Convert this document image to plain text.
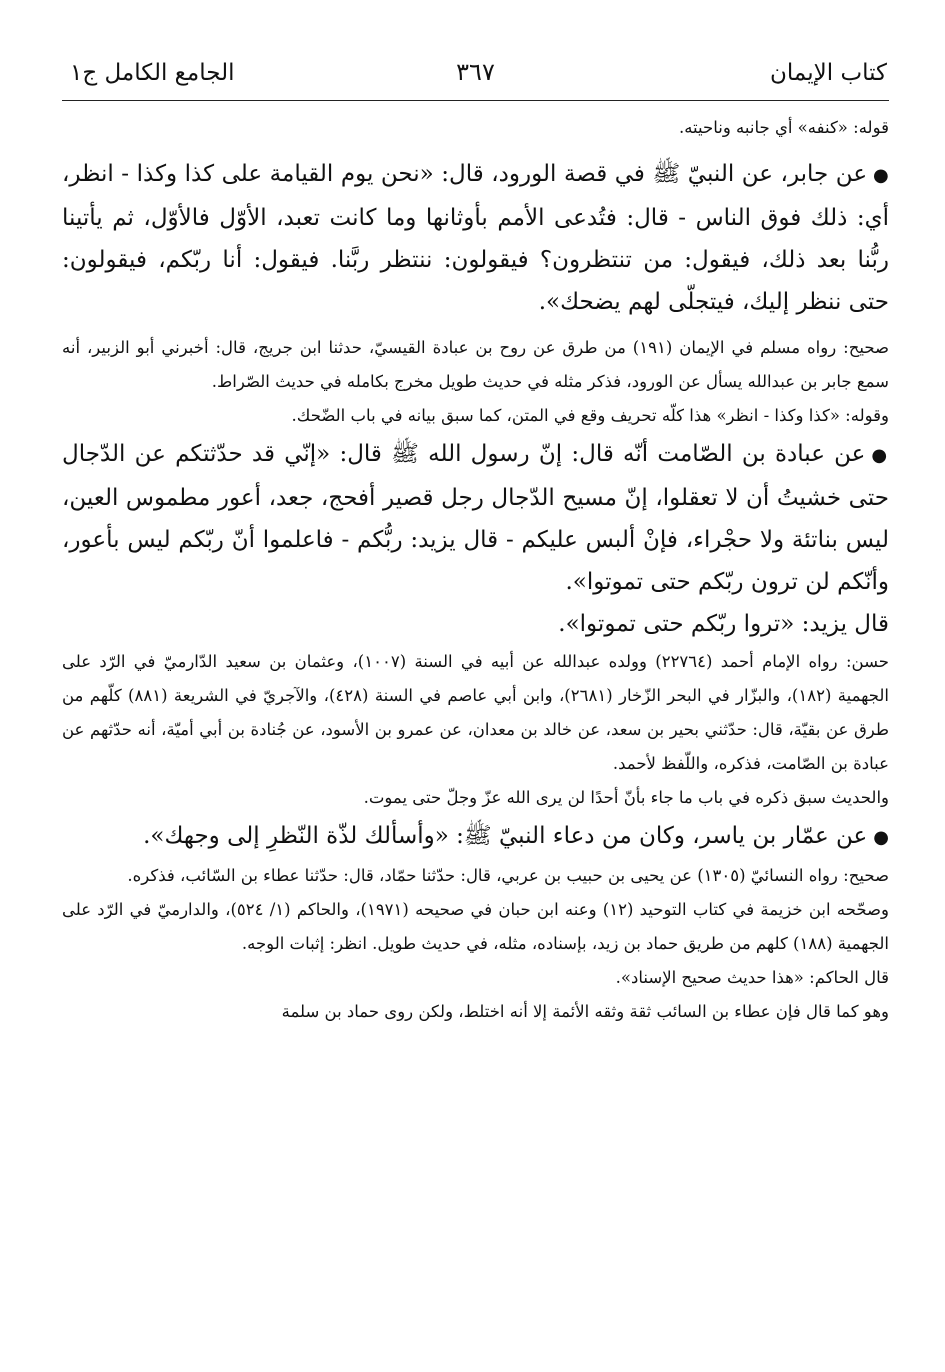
كتاب الإيمان
٣٦٧
الجامع الكامل ج١

قوله: «كنفه» أي جانبه وناحيته.

●عن جابر، عن النبيّ ﷺ في قصة الورود، قال: «نحن يوم القيامة على كذا وكذا - انظر، أي: ذلك فوق الناس - قال: فتُدعى الأمم بأوثانها وما كانت تعبد، الأوّل فالأوّل، ثم يأتينا ربُّنا بعد ذلك، فيقول: من تنتظرون؟ فيقولون: ننتظر ربَّنا. فيقول: أنا ربّكم، فيقولون: حتى ننظر إليك، فيتجلّى لهم يضحك».

صحيح: رواه مسلم في الإيمان (١٩١) من طرق عن روح بن عبادة القيسيّ، حدثنا ابن جريج، قال: أخبرني أبو الزبير، أنه سمع جابر بن عبدالله يسأل عن الورود، فذكر مثله في حديث طويل مخرج بكامله في حديث الصّراط.

وقوله: «كذا وكذا - انظر» هذا كلّه تحريف وقع في المتن، كما سبق بيانه في باب الضّحك.

●عن عبادة بن الصّامت أنّه قال: إنّ رسول الله ﷺ قال: «إنّي قد حدّثتكم عن الدّجال حتى خشيتُ أن لا تعقلوا، إنّ مسيح الدّجال رجل قصير أفحج، جعد، أعور مطموس العين، ليس بناتئة ولا حجْراء، فإنْ ألبس عليكم - قال يزيد: ربُّكم - فاعلموا أنّ ربّكم ليس بأعور، وأنّكم لن ترون ربّكم حتى تموتوا».

قال يزيد: «تروا ربّكم حتى تموتوا».

حسن: رواه الإمام أحمد (٢٢٧٦٤) وولده عبدالله عن أبيه في السنة (١٠٠٧)، وعثمان بن سعيد الدّارميّ في الرّد على الجهمية (١٨٢)، والبزّار في البحر الزّخار (٢٦٨١)، وابن أبي عاصم في السنة (٤٢٨)، والآجريّ في الشريعة (٨٨١) كلّهم من طرق عن بقيّة، قال: حدّثني بحير بن سعد، عن خالد بن معدان، عن عمرو بن الأسود، عن جُنادة بن أبي أميّة، أنه حدّثهم عن عبادة بن الصّامت، فذكره، واللّفظ لأحمد.

والحديث سبق ذكره في باب ما جاء بأنّ أحدًا لن يرى الله عزّ وجلّ حتى يموت.

●عن عمّار بن ياسر، وكان من دعاء النبيّ ﷺ: «وأسألك لذّة النّظرِ إلى وجهك».

صحيح: رواه النسائيّ (١٣٠٥) عن يحيى بن حبيب بن عربي، قال: حدّثنا حمّاد، قال: حدّثنا عطاء بن السّائب، فذكره.

وصحّحه ابن خزيمة في كتاب التوحيد (١٢) وعنه ابن حبان في صحيحه (١٩٧١)، والحاكم (١/ ٥٢٤)، والدارميّ في الرّد على الجهمية (١٨٨) كلهم من طريق حماد بن زيد، بإسناده، مثله، في حديث طويل. انظر: إثبات الوجه.

قال الحاكم: «هذا حديث صحيح الإسناد».

وهو كما قال فإن عطاء بن السائب ثقة وثقه الأئمة إلا أنه اختلط، ولكن روى حماد بن سلمة
